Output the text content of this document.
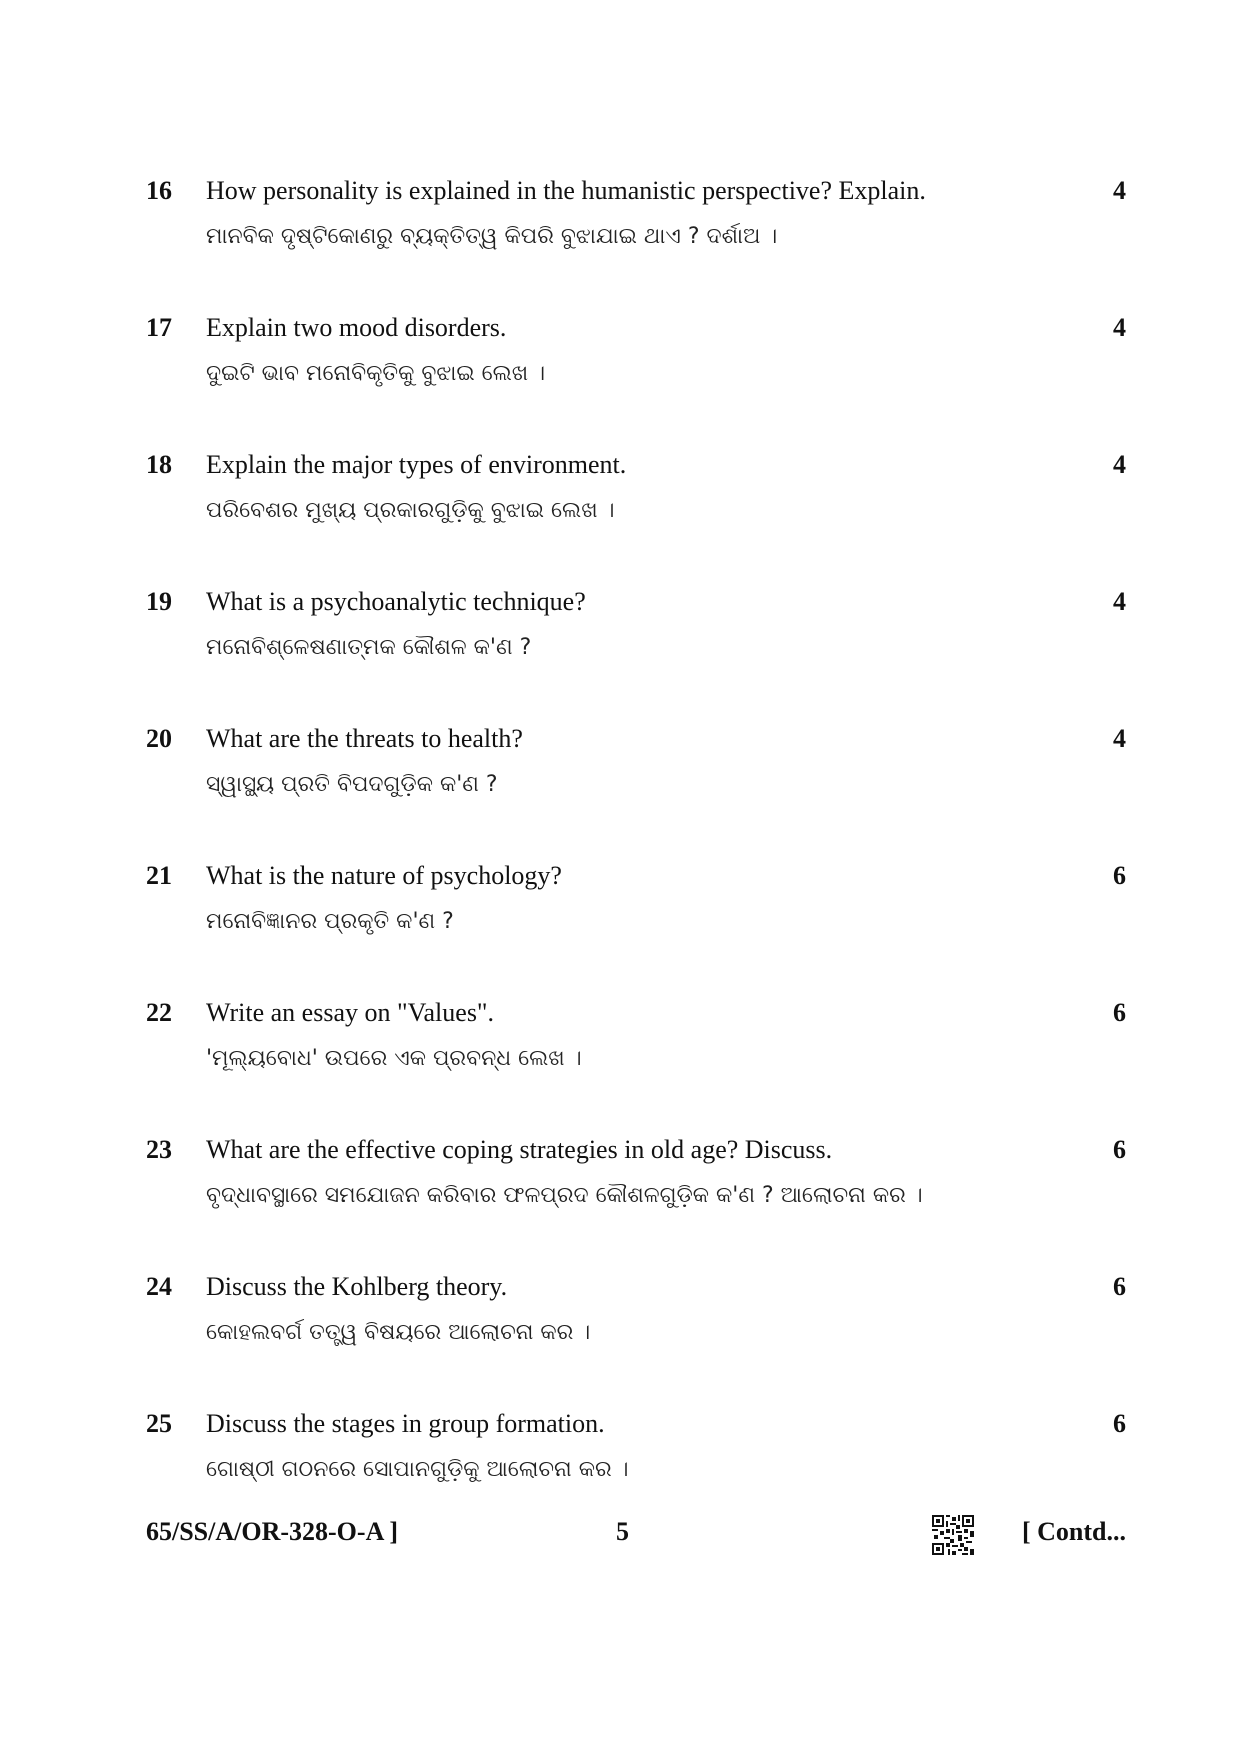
16 How personality is explained in the humanistic perspective? Explain.
ମାନବିକ ଦୃଷ୍ଟିକୋଣରୁ ବ୍ୟକ୍ତିତ୍ୱ କିପରି ବୁଝାଯାଇ ଥାଏ ? ଦର୍ଶାଅ ।
4
17 Explain two mood disorders.
ଦୁଇଟି ଭାବ ମନୋବିକୃତିକୁ ବୁଝାଇ ଲେଖ ।
4
18 Explain the major types of environment.
ପରିବେଶର ମୁଖ୍ୟ ପ୍ରକାରଗୁଡ଼ିକୁ ବୁଝାଇ ଲେଖ ।
4
19 What is a psychoanalytic technique?
ମନୋବିଶ୍ଳେଷଣାତ୍ମକ କୌଶଳ କ'ଣ ?
4
20 What are the threats to health?
ସ୍ୱାସ୍ଥ୍ୟ ପ୍ରତି ବିପଦଗୁଡ଼ିକ କ'ଣ ?
4
21 What is the nature of psychology?
ମନୋବିଜ୍ଞାନର ପ୍ରକୃତି କ'ଣ ?
6
22 Write an essay on "Values".
'ମୂଲ୍ୟବୋଧ' ଉପରେ ଏକ ପ୍ରବନ୍ଧ ଲେଖ ।
6
23 What are the effective coping strategies in old age? Discuss.
ବୃଦ୍ଧାବସ୍ଥାରେ ସମଯୋଜନ କରିବାର ଫଳପ୍ରଦ କୌଶଳଗୁଡ଼ିକ କ'ଣ ? ଆଲୋଚନା କର ।
6
24 Discuss the Kohlberg theory.
କୋହଲବର୍ଗ ତତ୍ତ୍ୱ ବିଷୟରେ ଆଲୋଚନା କର ।
6
25 Discuss the stages in group formation.
ଗୋଷ୍ଠୀ ଗଠନରେ ସୋପାନଗୁଡ଼ିକୁ ଆଲୋଚନା କର ।
6
65/SS/A/OR-328-O-A ]	5	[ Contd...
